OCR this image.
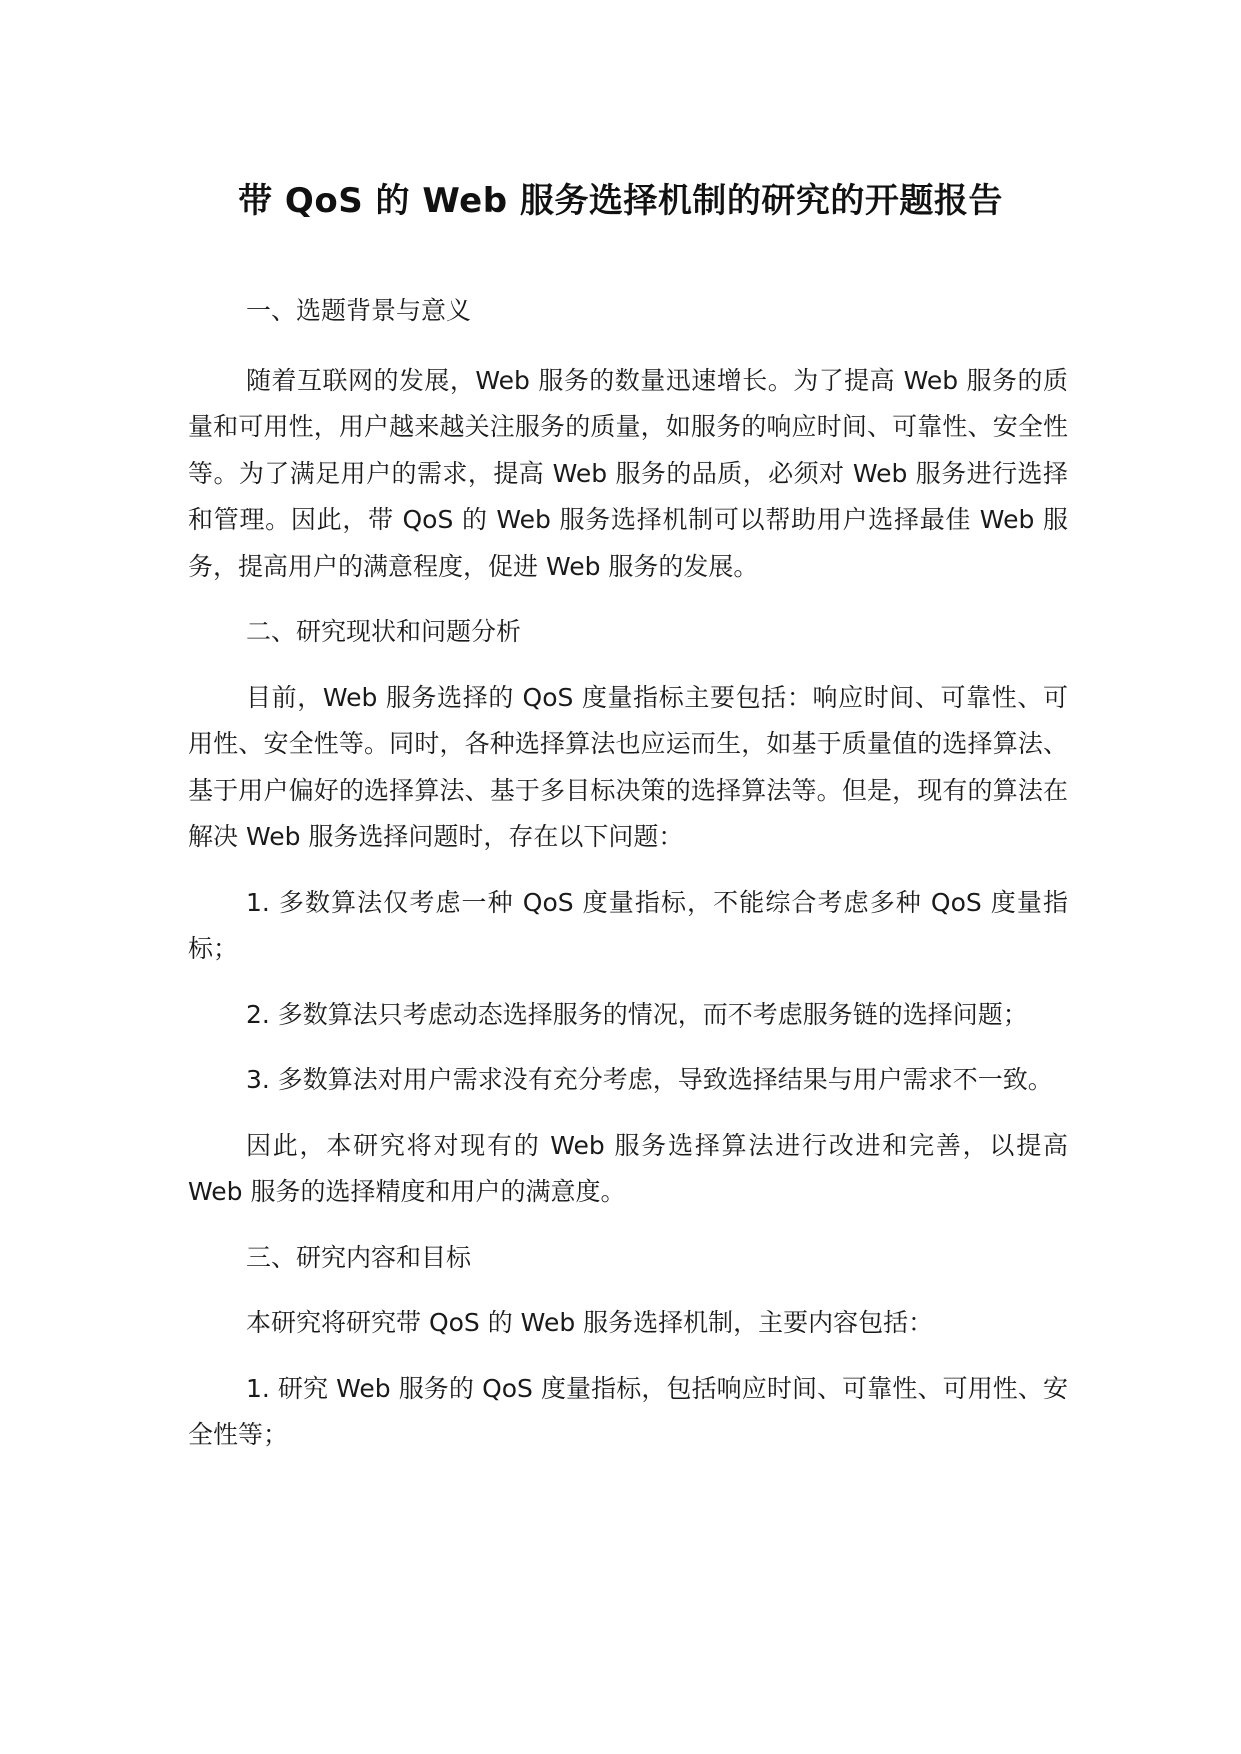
带 QoS 的 Web 服务选择机制的研究的开题报告

一、选题背景与意义

随着互联网的发展，Web 服务的数量迅速增长。为了提高 Web 服务的质量和可用性，用户越来越关注服务的质量，如服务的响应时间、可靠性、安全性等。为了满足用户的需求，提高 Web 服务的品质，必须对 Web 服务进行选择和管理。因此，带 QoS 的 Web 服务选择机制可以帮助用户选择最佳 Web 服务，提高用户的满意程度，促进 Web 服务的发展。

二、研究现状和问题分析

目前，Web 服务选择的 QoS 度量指标主要包括：响应时间、可靠性、可用性、安全性等。同时，各种选择算法也应运而生，如基于质量值的选择算法、基于用户偏好的选择算法、基于多目标决策的选择算法等。但是，现有的算法在解决 Web 服务选择问题时，存在以下问题：

1. 多数算法仅考虑一种 QoS 度量指标，不能综合考虑多种 QoS 度量指标；

2. 多数算法只考虑动态选择服务的情况，而不考虑服务链的选择问题；

3. 多数算法对用户需求没有充分考虑，导致选择结果与用户需求不一致。

因此，本研究将对现有的 Web 服务选择算法进行改进和完善，以提高 Web 服务的选择精度和用户的满意度。

三、研究内容和目标

本研究将研究带 QoS 的 Web 服务选择机制，主要内容包括：

1. 研究 Web 服务的 QoS 度量指标，包括响应时间、可靠性、可用性、安全性等；
